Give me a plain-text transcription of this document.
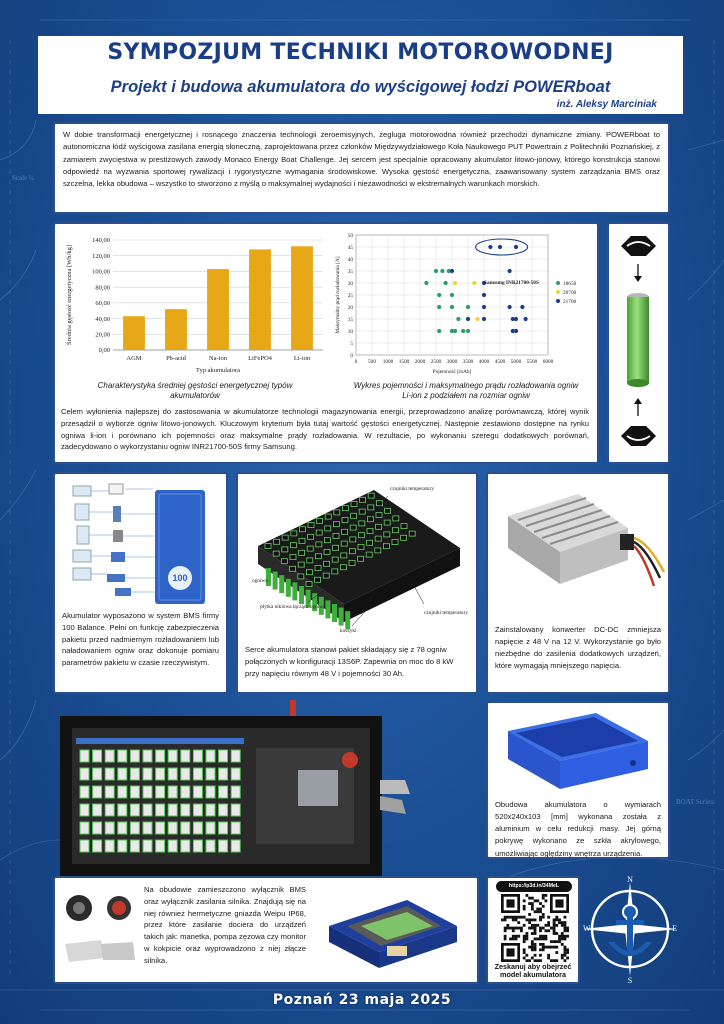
Scale ¼
BOAT Series
SYMPOZJUM TECHNIKI MOTOROWODNEJ
Projekt i budowa akumulatora do wyścigowej łodzi POWERboat
inż. Aleksy Marciniak
W dobie transformacji energetycznej i rosnącego znaczenia technologii zeroemisyjnych, żegluga motorowodna również przechodzi dynamiczne zmiany. POWERboat to autonomiczna łódź wyścigowa zasilana energią słoneczną, zaprojektowana przez członków Międzywydziałowego Koła Naukowego PUT Powertrain z Politechniki Poznańskiej, z zamiarem zwycięstwa w prestiżowych zawody Monaco Energy Boat Challenge. Jej sercem jest specjalnie opracowany akumulator litowo-jonowy, którego konstrukcja stanowi odpowiedź na wyzwania sportowej rywalizacji i rygorystyczne wymagania środowiskowe. Wysoka gęstość energetyczna, zaawansowany system zarządzania BMS oraz szczelna, lekka obudowa – wszystko to stworzono z myślą o maksymalnej wydajności i niezawodności w ekstremalnych warunkach morskich.
0,00
20,00
40,00
60,00
80,00
100,00
120,00
140,00
AGM	Pb-acid	Na-ion	LiFePO4	Li-ion
Typ akumulatora
Średnia gęstość energetyczna [Wh/kg]
Charakterystyka średniej gęstości energetycznej typów akumulatorów
0
5
10
15
20
25
30
35
40
45
50
0 500 1000 1500 2000 2500 3000 3500 4000 4500 5000 5500 6000
Samsung INR21700-50S	18650
20700
21700
Pojemność [mAh]
Maksymalny prąd rozładowania [A]
Wykres pojemności i maksymalnego prądu rozładowania ogniw Li-ion z podziałem na rozmiar ogniw
Celem wyłonienia najlepszej do zastosowania w akumulatorze technologii magazynowania energii, przeprowadzono analizę porównawczą, której wynik przesądził o wyborze ogniw litowo-jonowych. Kluczowym kryterium była tutaj wartość gęstości energetycznej. Następnie zestawiono dostępne na rynku ogniwa li-ion i porównano ich pojemności oraz maksymalne prądy rozładowania. W rezultacie, po wykonaniu szeregu dodatkowych porównań, zadecydowano o wykorzystaniu ogniw INR21700-50S firmy Samsung.
100
Akumulator wyposażono w system BMS firmy 100 Balance. Pełni on funkcję zabezpieczenia pakietu przed nadmiernym rozładowaniem lub naładowaniem ogniw oraz dokonuje pomiaru parametrów pakietu w czasie rzeczywistym.
czujniki temperatury
ogniwo
płytka niklowa łącząca ogniwa
koszyki
czujniki temperatury
Serce akumulatora stanowi pakiet składający się z 78 ogniw połączonych w konfiguracji 13S6P. Zapewnia on moc do 8 kW przy napięciu równym 48 V i pojemności 30 Ah.
Zainstalowany konwerter DC-DC zmniejsza napięcie z 48 V na 12 V. Wykorzystanie go było niezbędne do zasilenia dodatkowych urządzeń, które wymagają mniejszego napięcia.
Obudowa akumulatora o wymiarach 520x240x103 [mm] wykonana została z aluminium w celu redukcji masy. Jej górną pokrywę wykonano ze szkła akrylowego, umożliwiając oględziny wnętrza urządzenia.
Na obudowie zamieszczono wyłącznik BMS oraz wyłącznik zasilania silnika. Znajdują się na niej również hermetyczne gniazda Weipu IP68, przez które zasilanie dociera do urządzeń takich jak: manetka, pompa zęzowa czy monitor w kokpicie oraz wyprowadzono z niej złącze silnika.
https://p3d.in/34MeL
Zeskanuj aby obejrzeć model akumulatora
N
S
E
W
Poznań 23 maja 2025
